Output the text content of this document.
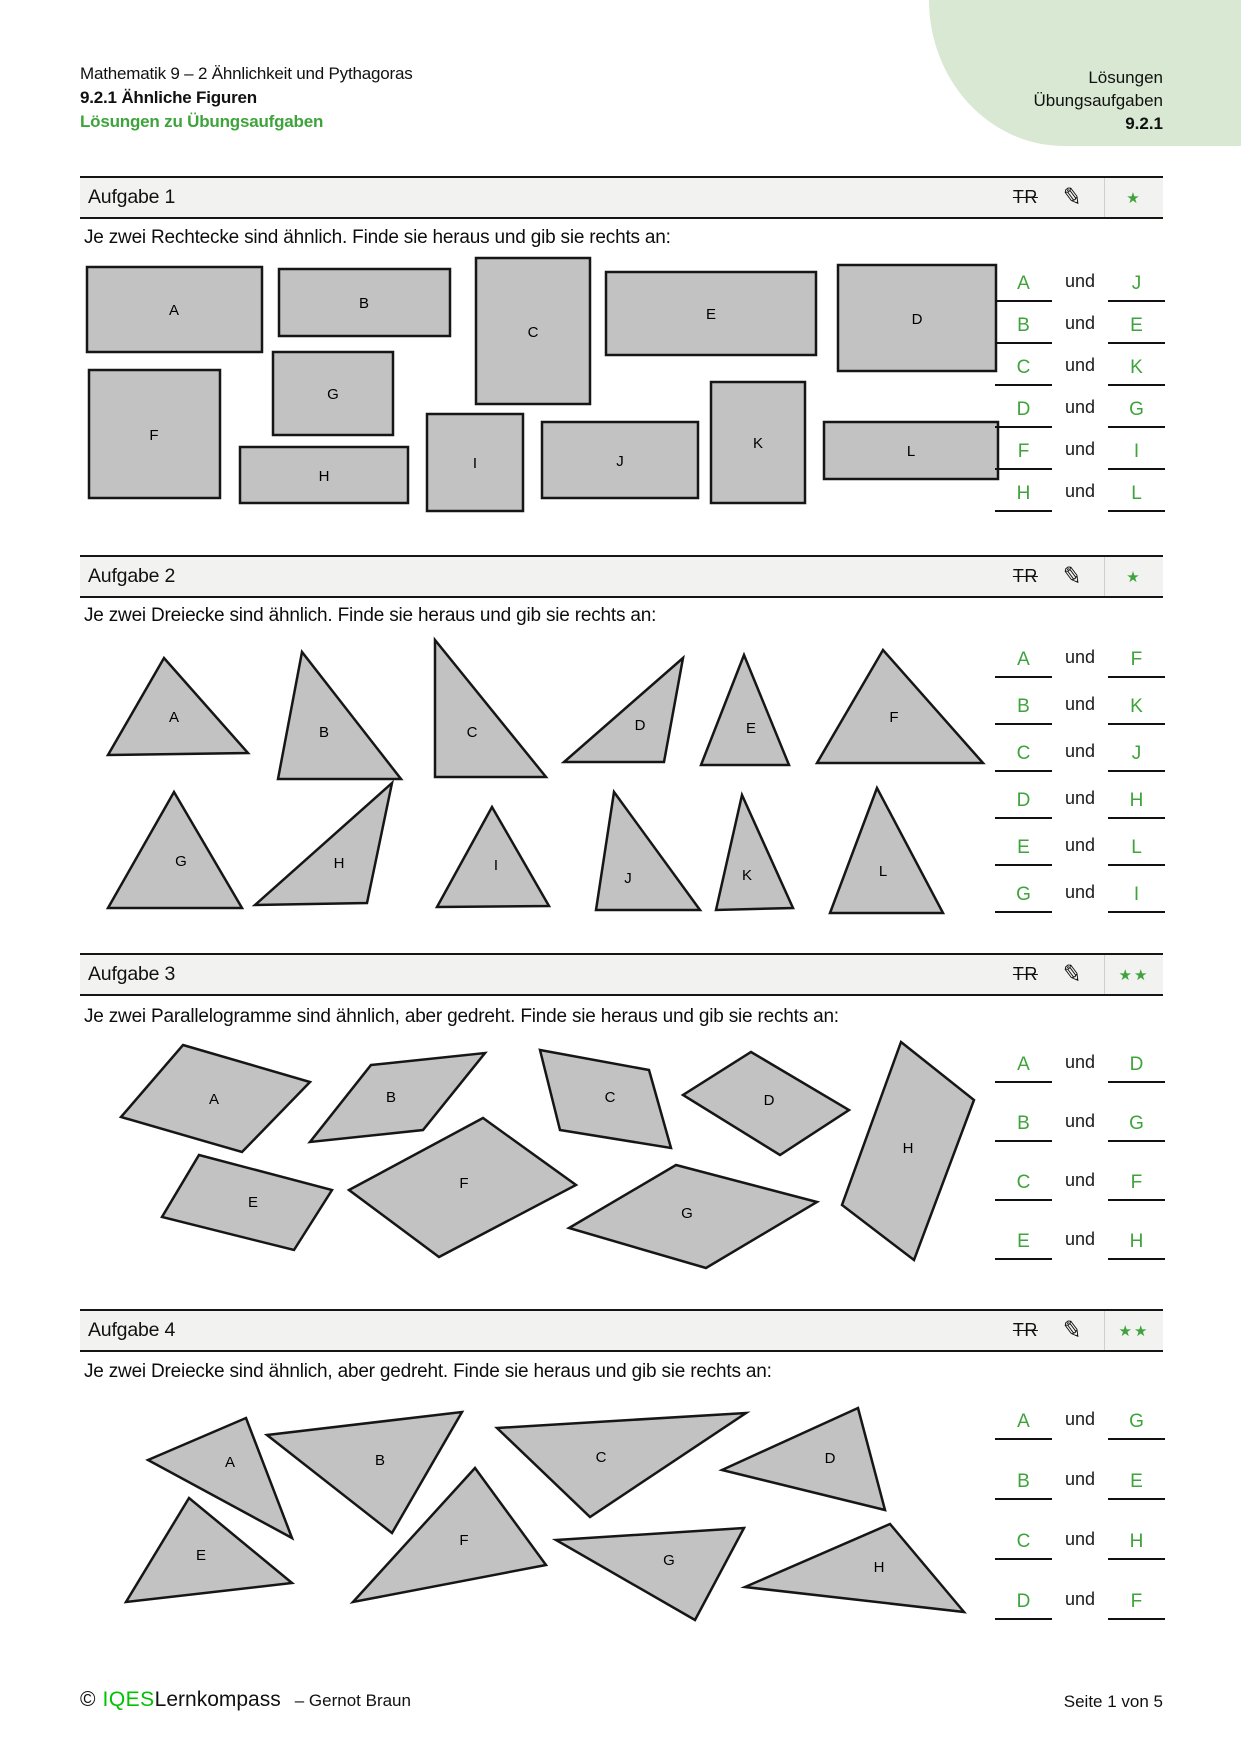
Lösungen
Übungsaufgaben
9.2.1
Mathematik 9 – 2 Ähnlichkeit und Pythagoras
9.2.1 Ähnliche Figuren
Lösungen zu Übungsaufgaben
Aufgabe 1	TR ✎	★
Je zwei Rechtecke sind ähnlich. Finde sie heraus und gib sie rechts an:
A	B
C
D
E
F
G
H
I	J
K	L
A	und	J
B	und	E
C	und	K
D	und	G
F	und	I
H	und	L
Aufgabe 2	TR ✎	★
Je zwei Dreiecke sind ähnlich. Finde sie heraus und gib sie rechts an:
A
B	C	D	E
F
G	H	I
J	K	L
A	und	F
B	und	K
C	und	J
D	und	H
E	und	L
G	und	I
Aufgabe 3	TR ✎	★★
Je zwei Parallelogramme sind ähnlich, aber gedreht. Finde sie heraus und gib sie rechts an:
A	B	C	D
E
F
G
H
A	und	D
B	und	G
C	und	F
E	und	H
Aufgabe 4	TR ✎	★★
Je zwei Dreiecke sind ähnlich, aber gedreht. Finde sie heraus und gib sie rechts an:
A	B	C	D
E
F
G	H
A	und	G
B	und	E
C	und	H
D	und	F
© IQES Lernkompass – Gernot Braun	Seite 1 von 5
